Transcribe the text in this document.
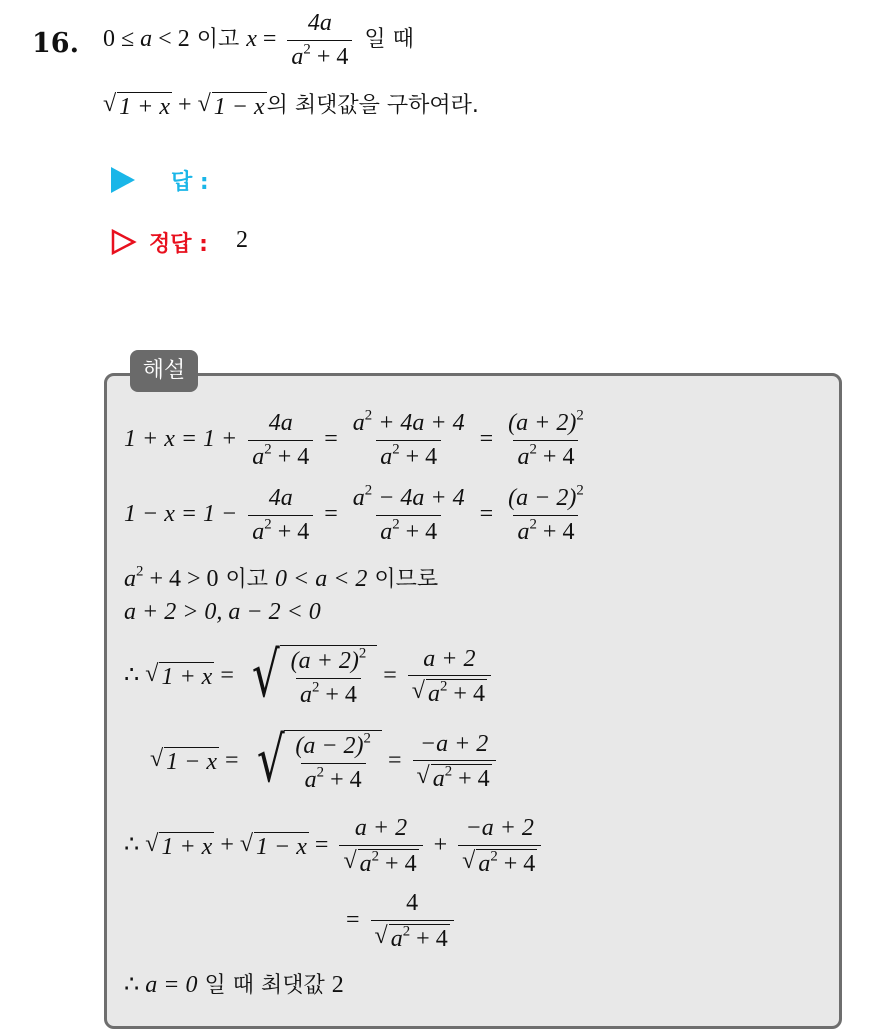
16. 0 ≤ a < 2 이고 $x = \frac{4a}{a^2 + 4}$ 일 때
√ 1 + x + √ 1 − x 의 최댓값을 구하여라.
답 :
정답 : 2
해설
$1 + x = 1 + \frac{4a}{a^2 + 4} = \frac{a^2 + 4a + 4}{a^2 + 4} = \frac{(a + 2)^2}{a^2 + 4}$
$1 - x = 1 - \frac{4a}{a^2 + 4} = \frac{a^2 - 4a + 4}{a^2 + 4} = \frac{(a - 2)^2}{a^2 + 4}$
$a^2 + 4 > 0$ 이고 0 < a < 2 이므로
a + 2 > 0, a − 2 < 0
∴ √ 1 + x = √ $\frac{(a + 2)^2}{a^2 + 4} = \frac{a + 2}{√ a^2 + 4}$
√ 1 − x = √ $\frac{(a - 2)^2}{a^2 + 4} = \frac{-a + 2}{√ a^2 + 4}$
∴ √ 1 + x + √ $1 - x = \frac{a + 2}{√ a^2 + 4} + \frac{-a + 2}{√ a^2 + 4}$
= $\frac{4}{√ a^2 + 4}$
∴ a = 0 일 때 최댓값 2
